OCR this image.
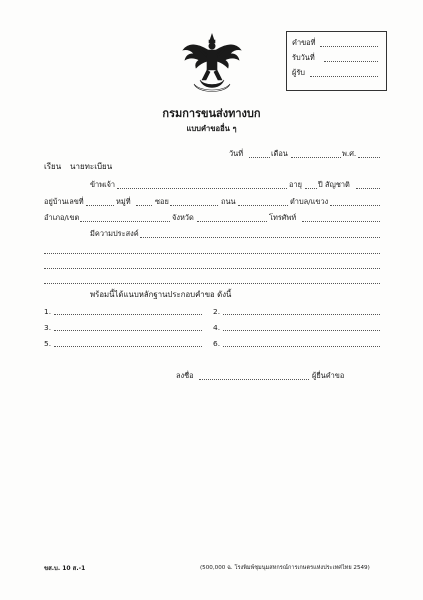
คำขอที่
รับวันที่
ผู้รับ
กรมการขนส่งทางบก
แบบคำขออื่น ๆ
วันที่	เดือน	พ.ศ.
เรียน นายทะเบียน
ข้าพเจ้า	อายุ ปี สัญชาติ
อยู่บ้านเลขที่	หมู่ที่	ซอย	ถนน	ตำบล/แขวง
อำเภอ/เขต	จังหวัด	โทรศัพท์
มีความประสงค์
พร้อมนี้ได้แนบหลักฐานประกอบคำขอ ดังนี้
1.	2.
3.	4.
5.	6.
ลงชื่อ	ผู้ยื่นคำขอ
ขส.บ. 10 ส.-1	(500,000 ฉ. โรงพิมพ์ชุมนุมสหกรณ์การเกษตรแห่งประเทศไทย 2549)
